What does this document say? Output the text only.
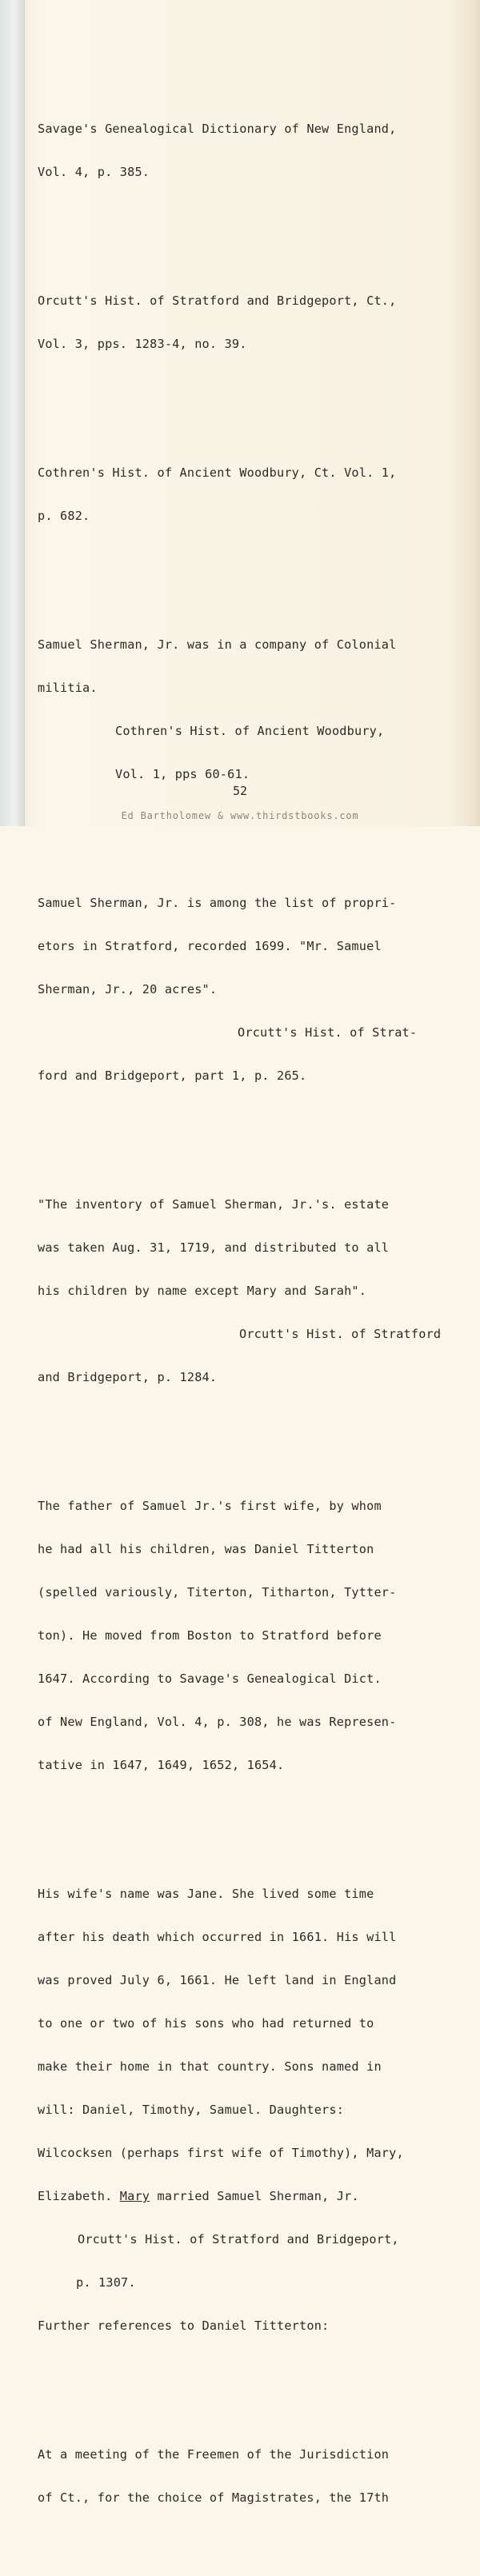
Savage's Genealogical Dictionary of New England,

Vol. 4, p. 385.

Orcutt's Hist. of Stratford and Bridgeport, Ct.,

Vol. 3, pps. 1283-4, no. 39.

Cothren's Hist. of Ancient Woodbury, Ct. Vol. 1,

p. 682.

Samuel Sherman, Jr. was in a company of Colonial

militia.

Cothren's Hist. of Ancient Woodbury,

Vol. 1, pps 60-61.

Samuel Sherman, Jr. is among the list of propri-

etors in Stratford, recorded 1699. "Mr. Samuel

Sherman, Jr., 20 acres".

Orcutt's Hist. of Strat-

ford and Bridgeport, part 1, p. 265.

"The inventory of Samuel Sherman, Jr.'s. estate

was taken Aug. 31, 1719, and distributed to all

his children by name except Mary and Sarah".

Orcutt's Hist. of Stratford

and Bridgeport, p. 1284.

The father of Samuel Jr.'s first wife, by whom

he had all his children, was Daniel Titterton

(spelled variously, Titerton, Titharton, Tytter-

ton). He moved from Boston to Stratford before

1647. According to Savage's Genealogical Dict.

of New England, Vol. 4, p. 308, he was Represen-

tative in 1647, 1649, 1652, 1654.

His wife's name was Jane. She lived some time

after his death which occurred in 1661. His will

was proved July 6, 1661. He left land in England

to one or two of his sons who had returned to

make their home in that country. Sons named in

will: Daniel, Timothy, Samuel. Daughters:

Wilcocksen (perhaps first wife of Timothy), Mary,

Elizabeth. Mary married Samuel Sherman, Jr.

Orcutt's Hist. of Stratford and Bridgeport,

p. 1307.

Further references to Daniel Titterton:

At a meeting of the Freemen of the Jurisdiction

of Ct., for the choice of Magistrates, the 17th

52
Ed Bartholomew & www.thirdstbooks.com
